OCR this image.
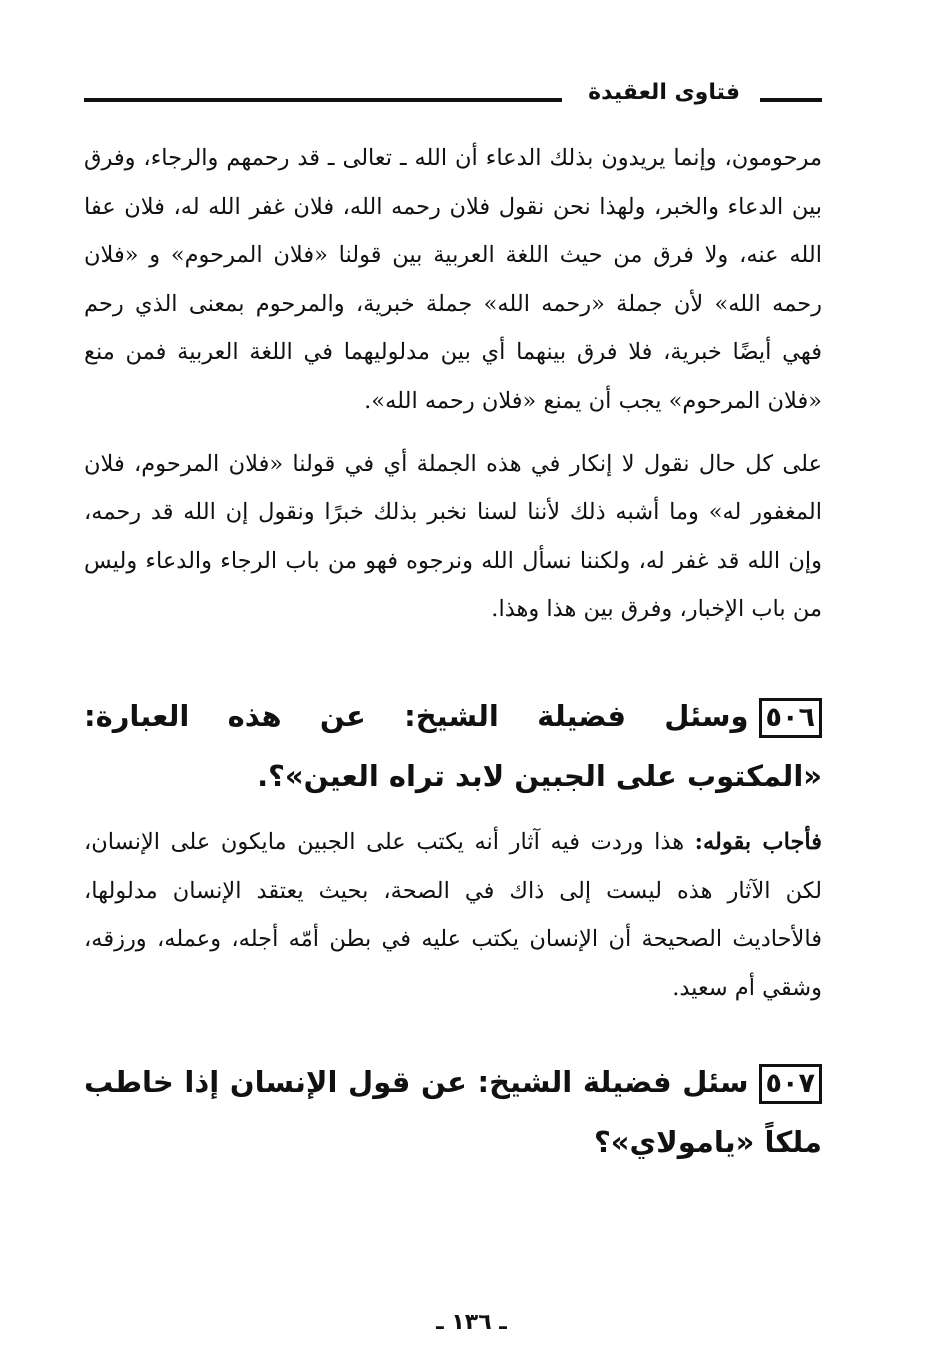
فتاوى العقيدة

مرحومون، وإنما يريدون بذلك الدعاء أن الله ـ تعالى ـ قد رحمهم والرجاء، وفرق بين الدعاء والخبر، ولهذا نحن نقول فلان رحمه الله، فلان غفر الله له، فلان عفا الله عنه، ولا فرق من حيث اللغة العربية بين قولنا «فلان المرحوم» و «فلان رحمه الله» لأن جملة «رحمه الله» جملة خبرية، والمرحوم بمعنى الذي رحم فهي أيضًا خبرية، فلا فرق بينهما أي بين مدلوليهما في اللغة العربية فمن منع «فلان المرحوم» يجب أن يمنع «فلان رحمه الله».

على كل حال نقول لا إنكار في هذه الجملة أي في قولنا «فلان المرحوم، فلان المغفور له» وما أشبه ذلك لأننا لسنا نخبر بذلك خبرًا ونقول إن الله قد رحمه، وإن الله قد غفر له، ولكننا نسأل الله ونرجوه فهو من باب الرجاء والدعاء وليس من باب الإخبار، وفرق بين هذا وهذا.

٥٠٦وسئل فضيلة الشيخ: عن هذه العبارة: «المكتوب على الجبين لابد تراه العين»؟.

فأجاب بقوله: هذا وردت فيه آثار أنه يكتب على الجبين مايكون على الإنسان، لكن الآثار هذه ليست إلى ذاك في الصحة، بحيث يعتقد الإنسان مدلولها، فالأحاديث الصحيحة أن الإنسان يكتب عليه في بطن أمّه أجله، وعمله، ورزقه، وشقي أم سعيد.

٥٠٧سئل فضيلة الشيخ: عن قول الإنسان إذا خاطب ملكاً «يامولاي»؟
ـ ١٣٦ ـ
